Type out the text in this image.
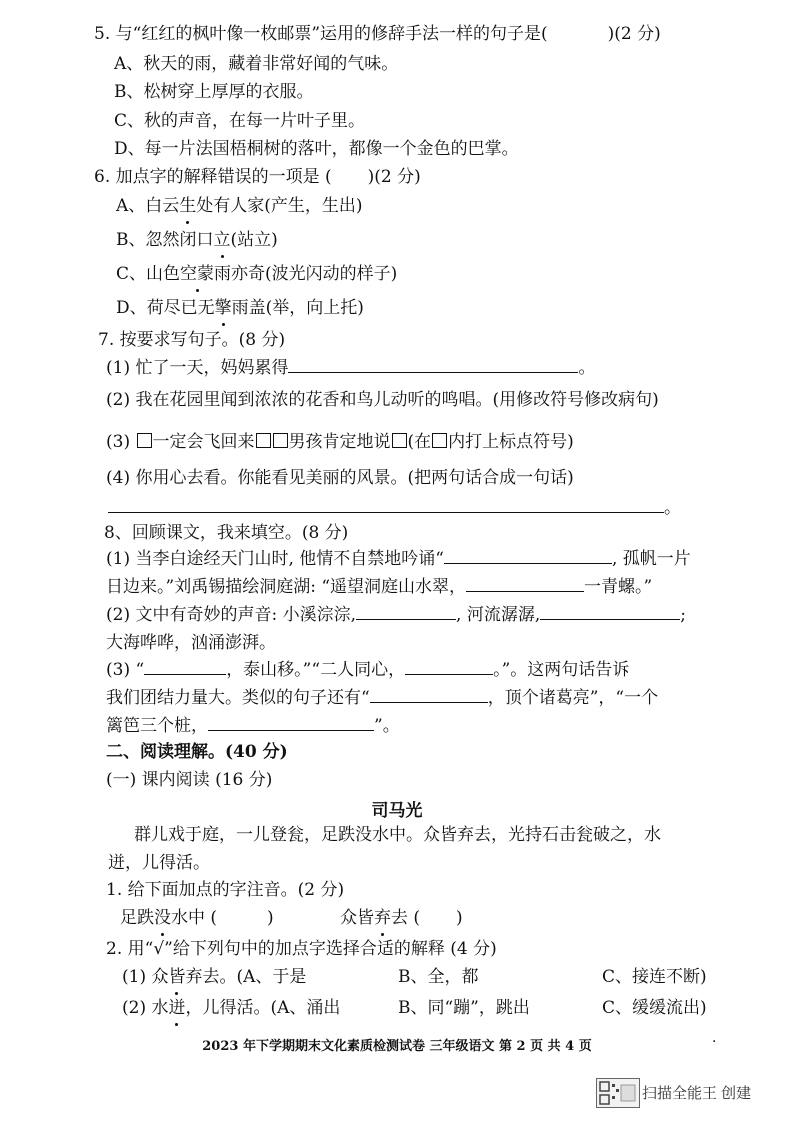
5. 与“红红的枫叶像一枚邮票”运用的修辞手法一样的句子是(	)(2 分)
A、秋天的雨，藏着非常好闻的气味。
B、松树穿上厚厚的衣服。
C、秋的声音，在每一片叶子里。
D、每一片法国梧桐树的落叶，都像一个金色的巴掌。
6. 加点字的解释错误的一项是 ( )(2 分)
A、白云生处有人家(产生，生出)
B、忽然闭口立(站立)
C、山色空蒙雨亦奇(波光闪动的样子)
D、荷尽已无擎雨盖(举，向上托)
7. 按要求写句子。(8 分)
(1) 忙了一天，妈妈累得	。
(2) 我在花园里闻到浓浓的花香和鸟儿动听的鸣唱。(用修改符号修改病句)
(3) 一定会飞回来 男孩肯定地说 (在 内打上标点符号)
(4) 你用心去看。你能看见美丽的风景。(把两句话合成一句话)
。
8、回顾课文，我来填空。(8 分)
(1) 当李白途经天门山时, 他情不自禁地吟诵“	, 孤帆一片
日边来。”刘禹锡描绘洞庭湖: “遥望洞庭山水翠，	一青螺。”
(2) 文中有奇妙的声音: 小溪淙淙,	, 河流潺潺,	;
大海哗哗，汹涌澎湃。
(3) “	，泰山移。”“二人同心，	。”。这两句话告诉
我们团结力量大。类似的句子还有“	，顶个诸葛亮”，“一个
篱笆三个桩，	”。
二、阅读理解。(40 分)
(一) 课内阅读 (16 分)
司马光
群儿戏于庭，一儿登瓮，足跌没水中。众皆弃去，光持石击瓮破之，水
迸，儿得活。
1. 给下面加点的字注音。(2 分)
足跌没水中 (	)	众皆弃去 ( )
2. 用“√”给下列句中的加点字选择合适的解释 (4 分)
(1) 众皆弃去。(A、于是	B、全，都	C、接连不断)
(2) 水迸，儿得活。(A、涌出	B、同“蹦”，跳出	C、缓缓流出)
2023 年下学期期末文化素质检测试卷 三年级语文 第 2 页 共 4 页	·
扫描全能王 创建
